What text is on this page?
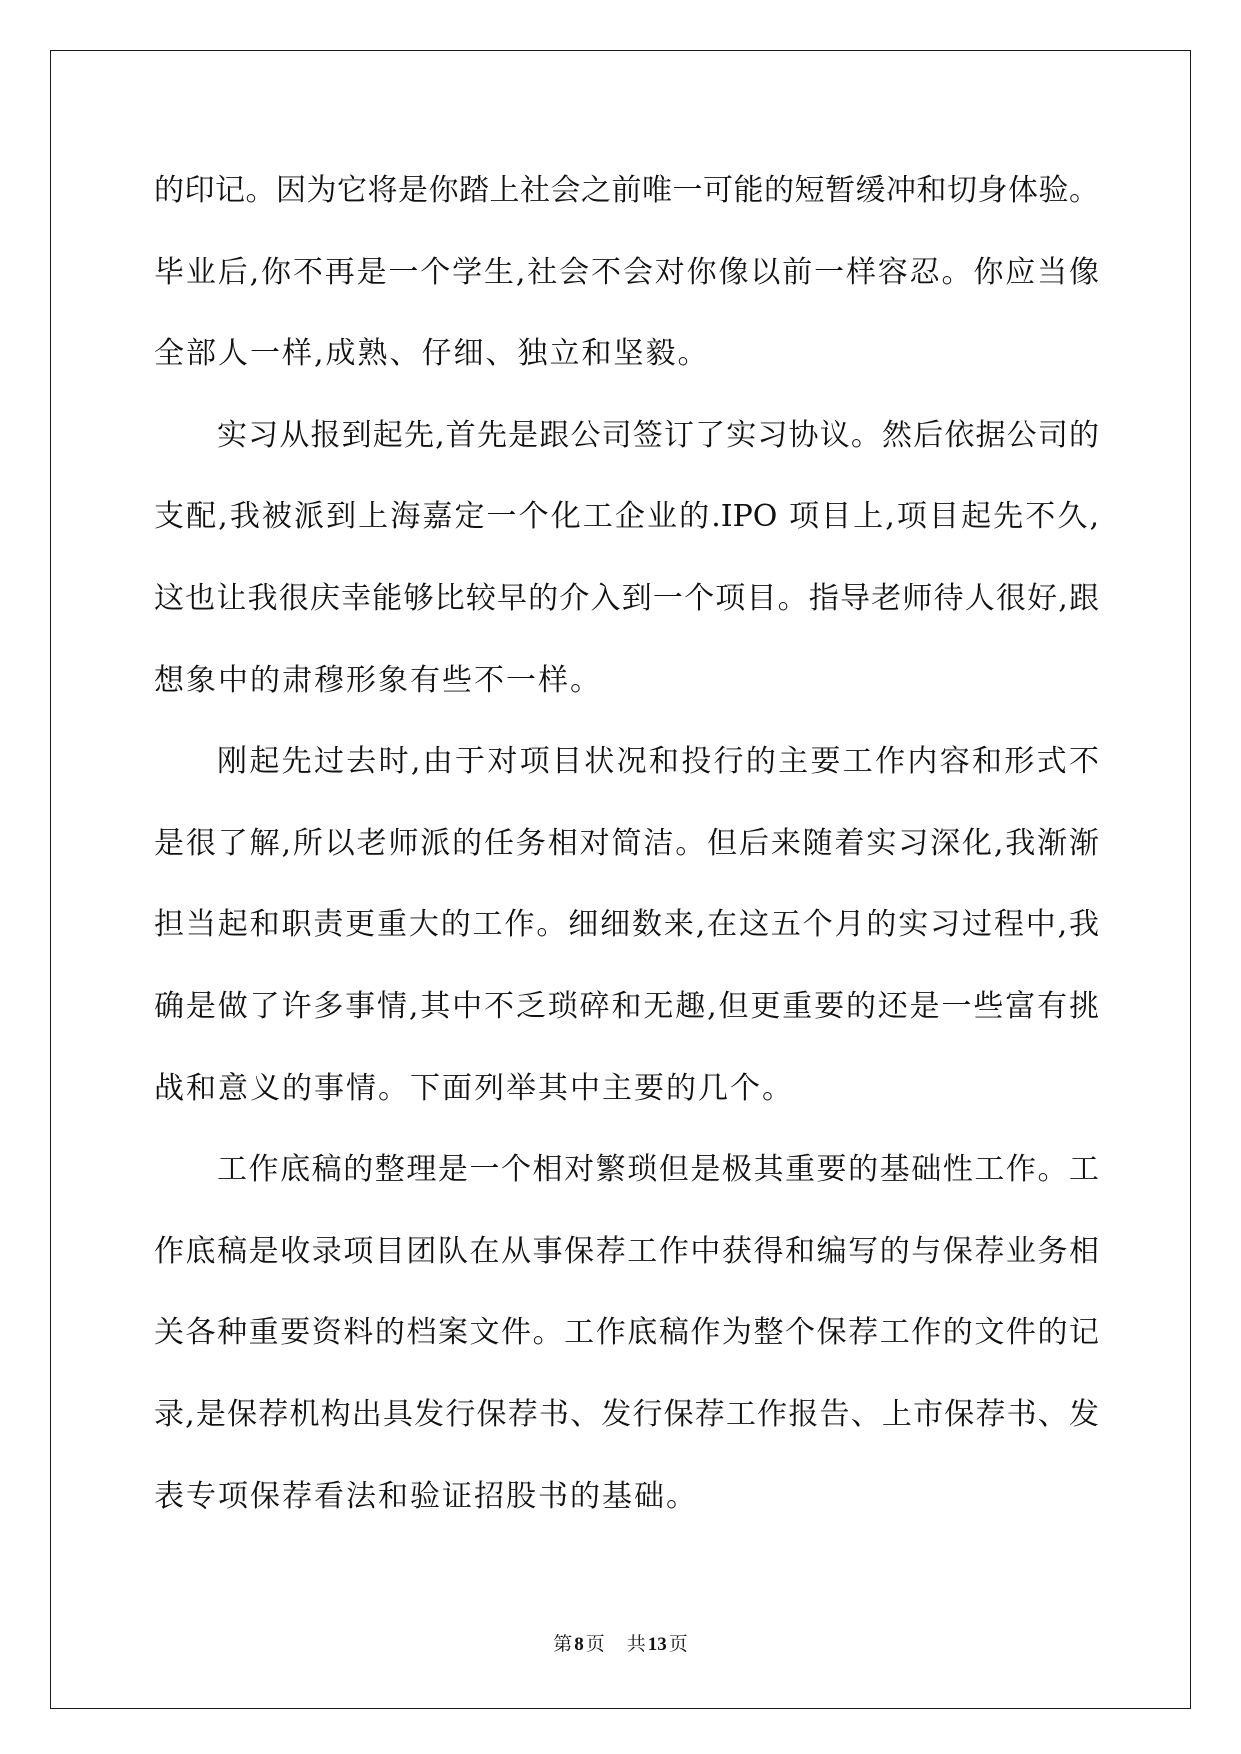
的印记。因为它将是你踏上社会之前唯一可能的短暂缓冲和切身体验。
毕业后,你不再是一个学生,社会不会对你像以前一样容忍。你应当像
全部人一样,成熟、仔细、独立和坚毅。
实习从报到起先,首先是跟公司签订了实习协议。然后依据公司的
支配,我被派到上海嘉定一个化工企业的.IPO 项目上,项目起先不久,
这也让我很庆幸能够比较早的介入到一个项目。指导老师待人很好,跟
想象中的肃穆形象有些不一样。
刚起先过去时,由于对项目状况和投行的主要工作内容和形式不
是很了解,所以老师派的任务相对简洁。但后来随着实习深化,我渐渐
担当起和职责更重大的工作。细细数来,在这五个月的实习过程中,我
确是做了许多事情,其中不乏琐碎和无趣,但更重要的还是一些富有挑
战和意义的事情。下面列举其中主要的几个。
工作底稿的整理是一个相对繁琐但是极其重要的基础性工作。工
作底稿是收录项目团队在从事保荐工作中获得和编写的与保荐业务相
关各种重要资料的档案文件。工作底稿作为整个保荐工作的文件的记
录,是保荐机构出具发行保荐书、发行保荐工作报告、上市保荐书、发
表专项保荐看法和验证招股书的基础。
第 8 页 共 13 页
